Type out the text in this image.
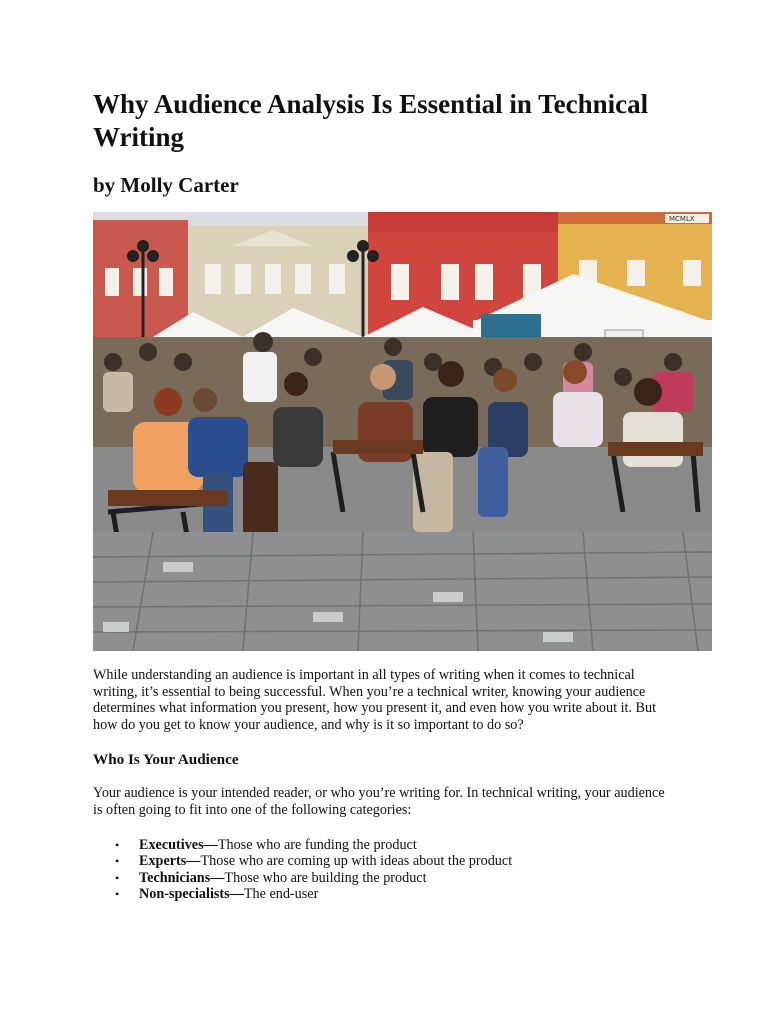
Why Audience Analysis Is Essential in Technical Writing
by Molly Carter
MCMLX

While understanding an audience is important in all types of writing when it comes to technical writing, it’s essential to being successful. When you’re a technical writer, knowing your audience determines what information you present, how you present it, and even how you write about it. But how do you get to know your audience, and why is it so important to do so?

Who Is Your Audience

Your audience is your intended reader, or who you’re writing for. In technical writing, your audience is often going to fit into one of the following categories:

• Executives—Those who are funding the product
• Experts—Those who are coming up with ideas about the product
• Technicians—Those who are building the product
• Non-specialists—The end-user
